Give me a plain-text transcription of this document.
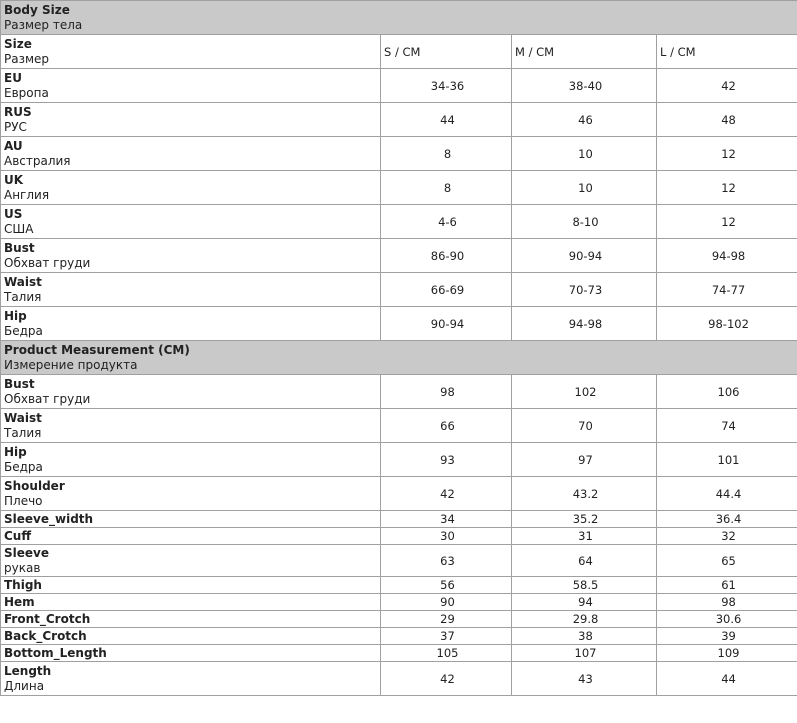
Body Size
Размер тела			

Size
Размер	S / CM	M / CM	L / CM

EU
Европа	34-36	38-40	42

RUS
РУС	44	46	48

AU
Австралия	8	10	12

UK
Англия	8	10	12

US
США	4-6	8-10	12

Bust
Обхват груди	86-90	90-94	94-98

Waist
Талия	66-69	70-73	74-77

Hip
Бедра	90-94	94-98	98-102

Product Measurement (CM)
Измерение продукта			

Bust
Обхват груди	98	102	106

Waist
Талия	66	70	74

Hip
Бедра	93	97	101

Shoulder
Плечо	42	43.2	44.4

Sleeve_width	34	35.2	36.4

Cuff	30	31	32

Sleeve
рукав	63	64	65

Thigh	56	58.5	61

Hem	90	94	98

Front_Crotch	29	29.8	30.6

Back_Crotch	37	38	39

Bottom_Length	105	107	109

Length
Длина	42	43	44
